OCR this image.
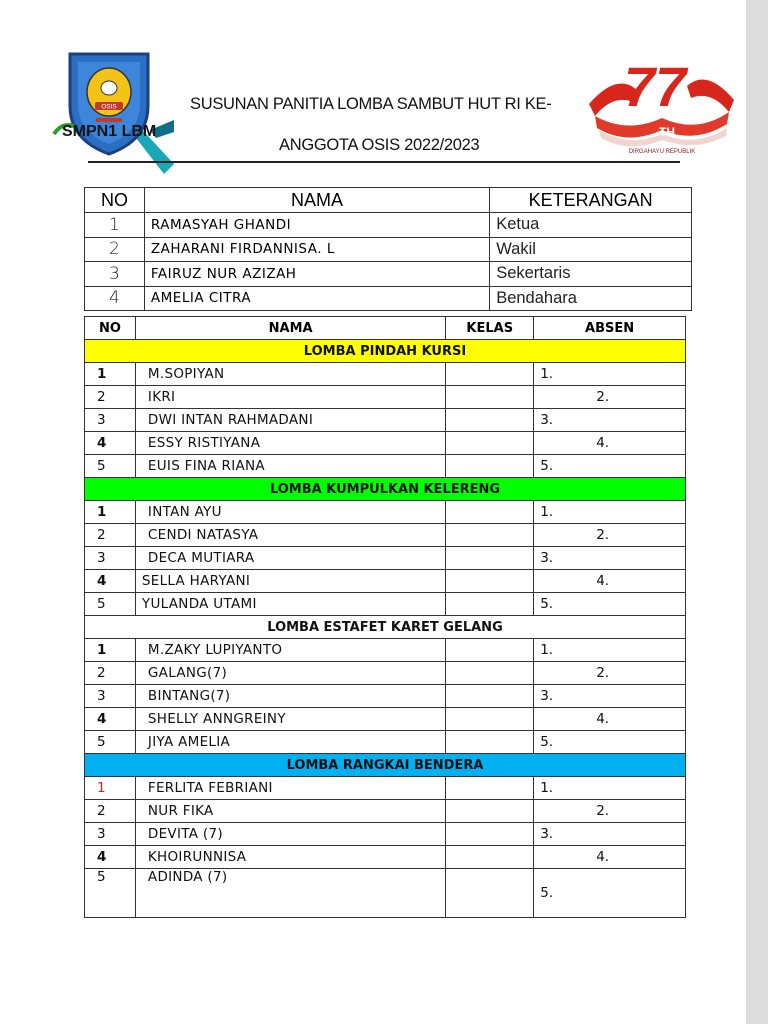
OSIS
SMPN1 LBM
77
TH
DIRGAHAYU REPUBLIK
SUSUNAN PANITIA LOMBA SAMBUT HUT RI KE-
ANGGOTA OSIS 2022/2023
NO	NAMA	KETERANGAN
1	RAMASYAH GHANDI	Ketua
2	ZAHARANI FIRDANNISA. L	Wakil
3	FAIRUZ NUR AZIZAH	Sekertaris
4	AMELIA CITRA	Bendahara
NO	NAMA	KELAS	ABSEN
LOMBA PINDAH KURSI			
1	M.SOPIYAN		1.
2	IKRI		2.
3	DWI INTAN RAHMADANI		3.
4	ESSY RISTIYANA		4.
5	EUIS FINA RIANA		5.
LOMBA KUMPULKAN KELERENG			
1	INTAN AYU		1.
2	CENDI NATASYA		2.
3	DECA MUTIARA		3.
4	SELLA HARYANI		4.
5	YULANDA UTAMI		5.
LOMBA ESTAFET KARET GELANG			
1	M.ZAKY LUPIYANTO		1.
2	GALANG(7)		2.
3	BINTANG(7)		3.
4	SHELLY ANNGREINY		4.
5	JIYA AMELIA		5.
LOMBA RANGKAI BENDERA			
1	FERLITA FEBRIANI		1.
2	NUR FIKA		2.
3	DEVITA (7)		3.
4	KHOIRUNNISA		4.
5	ADINDA (7)		5.
